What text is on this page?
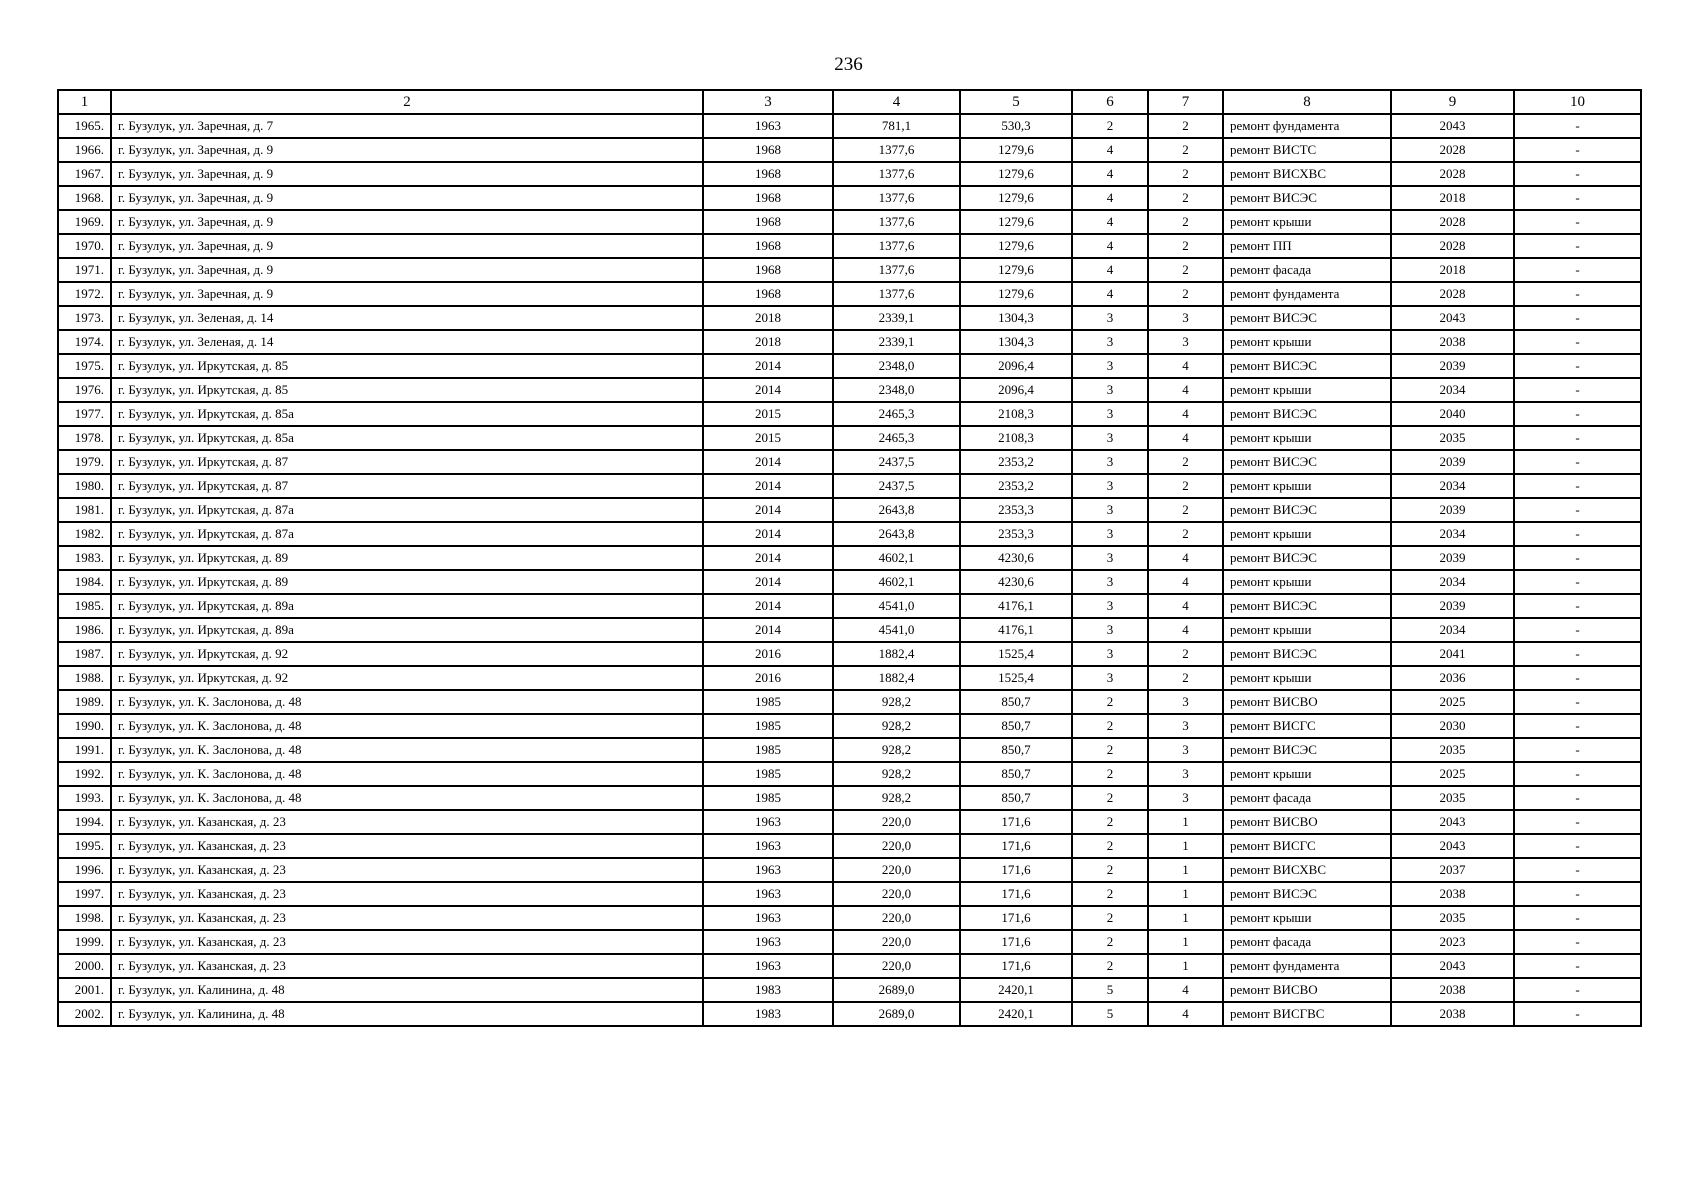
236
1	2	3	4	5	6	7	8	9	10
1965.	г. Бузулук, ул. Заречная, д. 7	1963	781,1	530,3	2	2	ремонт фундамента	2043	-
1966.	г. Бузулук, ул. Заречная, д. 9	1968	1377,6	1279,6	4	2	ремонт ВИСТС	2028	-
1967.	г. Бузулук, ул. Заречная, д. 9	1968	1377,6	1279,6	4	2	ремонт ВИСХВС	2028	-
1968.	г. Бузулук, ул. Заречная, д. 9	1968	1377,6	1279,6	4	2	ремонт ВИСЭС	2018	-
1969.	г. Бузулук, ул. Заречная, д. 9	1968	1377,6	1279,6	4	2	ремонт крыши	2028	-
1970.	г. Бузулук, ул. Заречная, д. 9	1968	1377,6	1279,6	4	2	ремонт ПП	2028	-
1971.	г. Бузулук, ул. Заречная, д. 9	1968	1377,6	1279,6	4	2	ремонт фасада	2018	-
1972.	г. Бузулук, ул. Заречная, д. 9	1968	1377,6	1279,6	4	2	ремонт фундамента	2028	-
1973.	г. Бузулук, ул. Зеленая, д. 14	2018	2339,1	1304,3	3	3	ремонт ВИСЭС	2043	-
1974.	г. Бузулук, ул. Зеленая, д. 14	2018	2339,1	1304,3	3	3	ремонт крыши	2038	-
1975.	г. Бузулук, ул. Иркутская, д. 85	2014	2348,0	2096,4	3	4	ремонт ВИСЭС	2039	-
1976.	г. Бузулук, ул. Иркутская, д. 85	2014	2348,0	2096,4	3	4	ремонт крыши	2034	-
1977.	г. Бузулук, ул. Иркутская, д. 85а	2015	2465,3	2108,3	3	4	ремонт ВИСЭС	2040	-
1978.	г. Бузулук, ул. Иркутская, д. 85а	2015	2465,3	2108,3	3	4	ремонт крыши	2035	-
1979.	г. Бузулук, ул. Иркутская, д. 87	2014	2437,5	2353,2	3	2	ремонт ВИСЭС	2039	-
1980.	г. Бузулук, ул. Иркутская, д. 87	2014	2437,5	2353,2	3	2	ремонт крыши	2034	-
1981.	г. Бузулук, ул. Иркутская, д. 87а	2014	2643,8	2353,3	3	2	ремонт ВИСЭС	2039	-
1982.	г. Бузулук, ул. Иркутская, д. 87а	2014	2643,8	2353,3	3	2	ремонт крыши	2034	-
1983.	г. Бузулук, ул. Иркутская, д. 89	2014	4602,1	4230,6	3	4	ремонт ВИСЭС	2039	-
1984.	г. Бузулук, ул. Иркутская, д. 89	2014	4602,1	4230,6	3	4	ремонт крыши	2034	-
1985.	г. Бузулук, ул. Иркутская, д. 89а	2014	4541,0	4176,1	3	4	ремонт ВИСЭС	2039	-
1986.	г. Бузулук, ул. Иркутская, д. 89а	2014	4541,0	4176,1	3	4	ремонт крыши	2034	-
1987.	г. Бузулук, ул. Иркутская, д. 92	2016	1882,4	1525,4	3	2	ремонт ВИСЭС	2041	-
1988.	г. Бузулук, ул. Иркутская, д. 92	2016	1882,4	1525,4	3	2	ремонт крыши	2036	-
1989.	г. Бузулук, ул. К. Заслонова, д. 48	1985	928,2	850,7	2	3	ремонт ВИСВО	2025	-
1990.	г. Бузулук, ул. К. Заслонова, д. 48	1985	928,2	850,7	2	3	ремонт ВИСГС	2030	-
1991.	г. Бузулук, ул. К. Заслонова, д. 48	1985	928,2	850,7	2	3	ремонт ВИСЭС	2035	-
1992.	г. Бузулук, ул. К. Заслонова, д. 48	1985	928,2	850,7	2	3	ремонт крыши	2025	-
1993.	г. Бузулук, ул. К. Заслонова, д. 48	1985	928,2	850,7	2	3	ремонт фасада	2035	-
1994.	г. Бузулук, ул. Казанская, д. 23	1963	220,0	171,6	2	1	ремонт ВИСВО	2043	-
1995.	г. Бузулук, ул. Казанская, д. 23	1963	220,0	171,6	2	1	ремонт ВИСГС	2043	-
1996.	г. Бузулук, ул. Казанская, д. 23	1963	220,0	171,6	2	1	ремонт ВИСХВС	2037	-
1997.	г. Бузулук, ул. Казанская, д. 23	1963	220,0	171,6	2	1	ремонт ВИСЭС	2038	-
1998.	г. Бузулук, ул. Казанская, д. 23	1963	220,0	171,6	2	1	ремонт крыши	2035	-
1999.	г. Бузулук, ул. Казанская, д. 23	1963	220,0	171,6	2	1	ремонт фасада	2023	-
2000.	г. Бузулук, ул. Казанская, д. 23	1963	220,0	171,6	2	1	ремонт фундамента	2043	-
2001.	г. Бузулук, ул. Калинина, д. 48	1983	2689,0	2420,1	5	4	ремонт ВИСВО	2038	-
2002.	г. Бузулук, ул. Калинина, д. 48	1983	2689,0	2420,1	5	4	ремонт ВИСГВС	2038	-
